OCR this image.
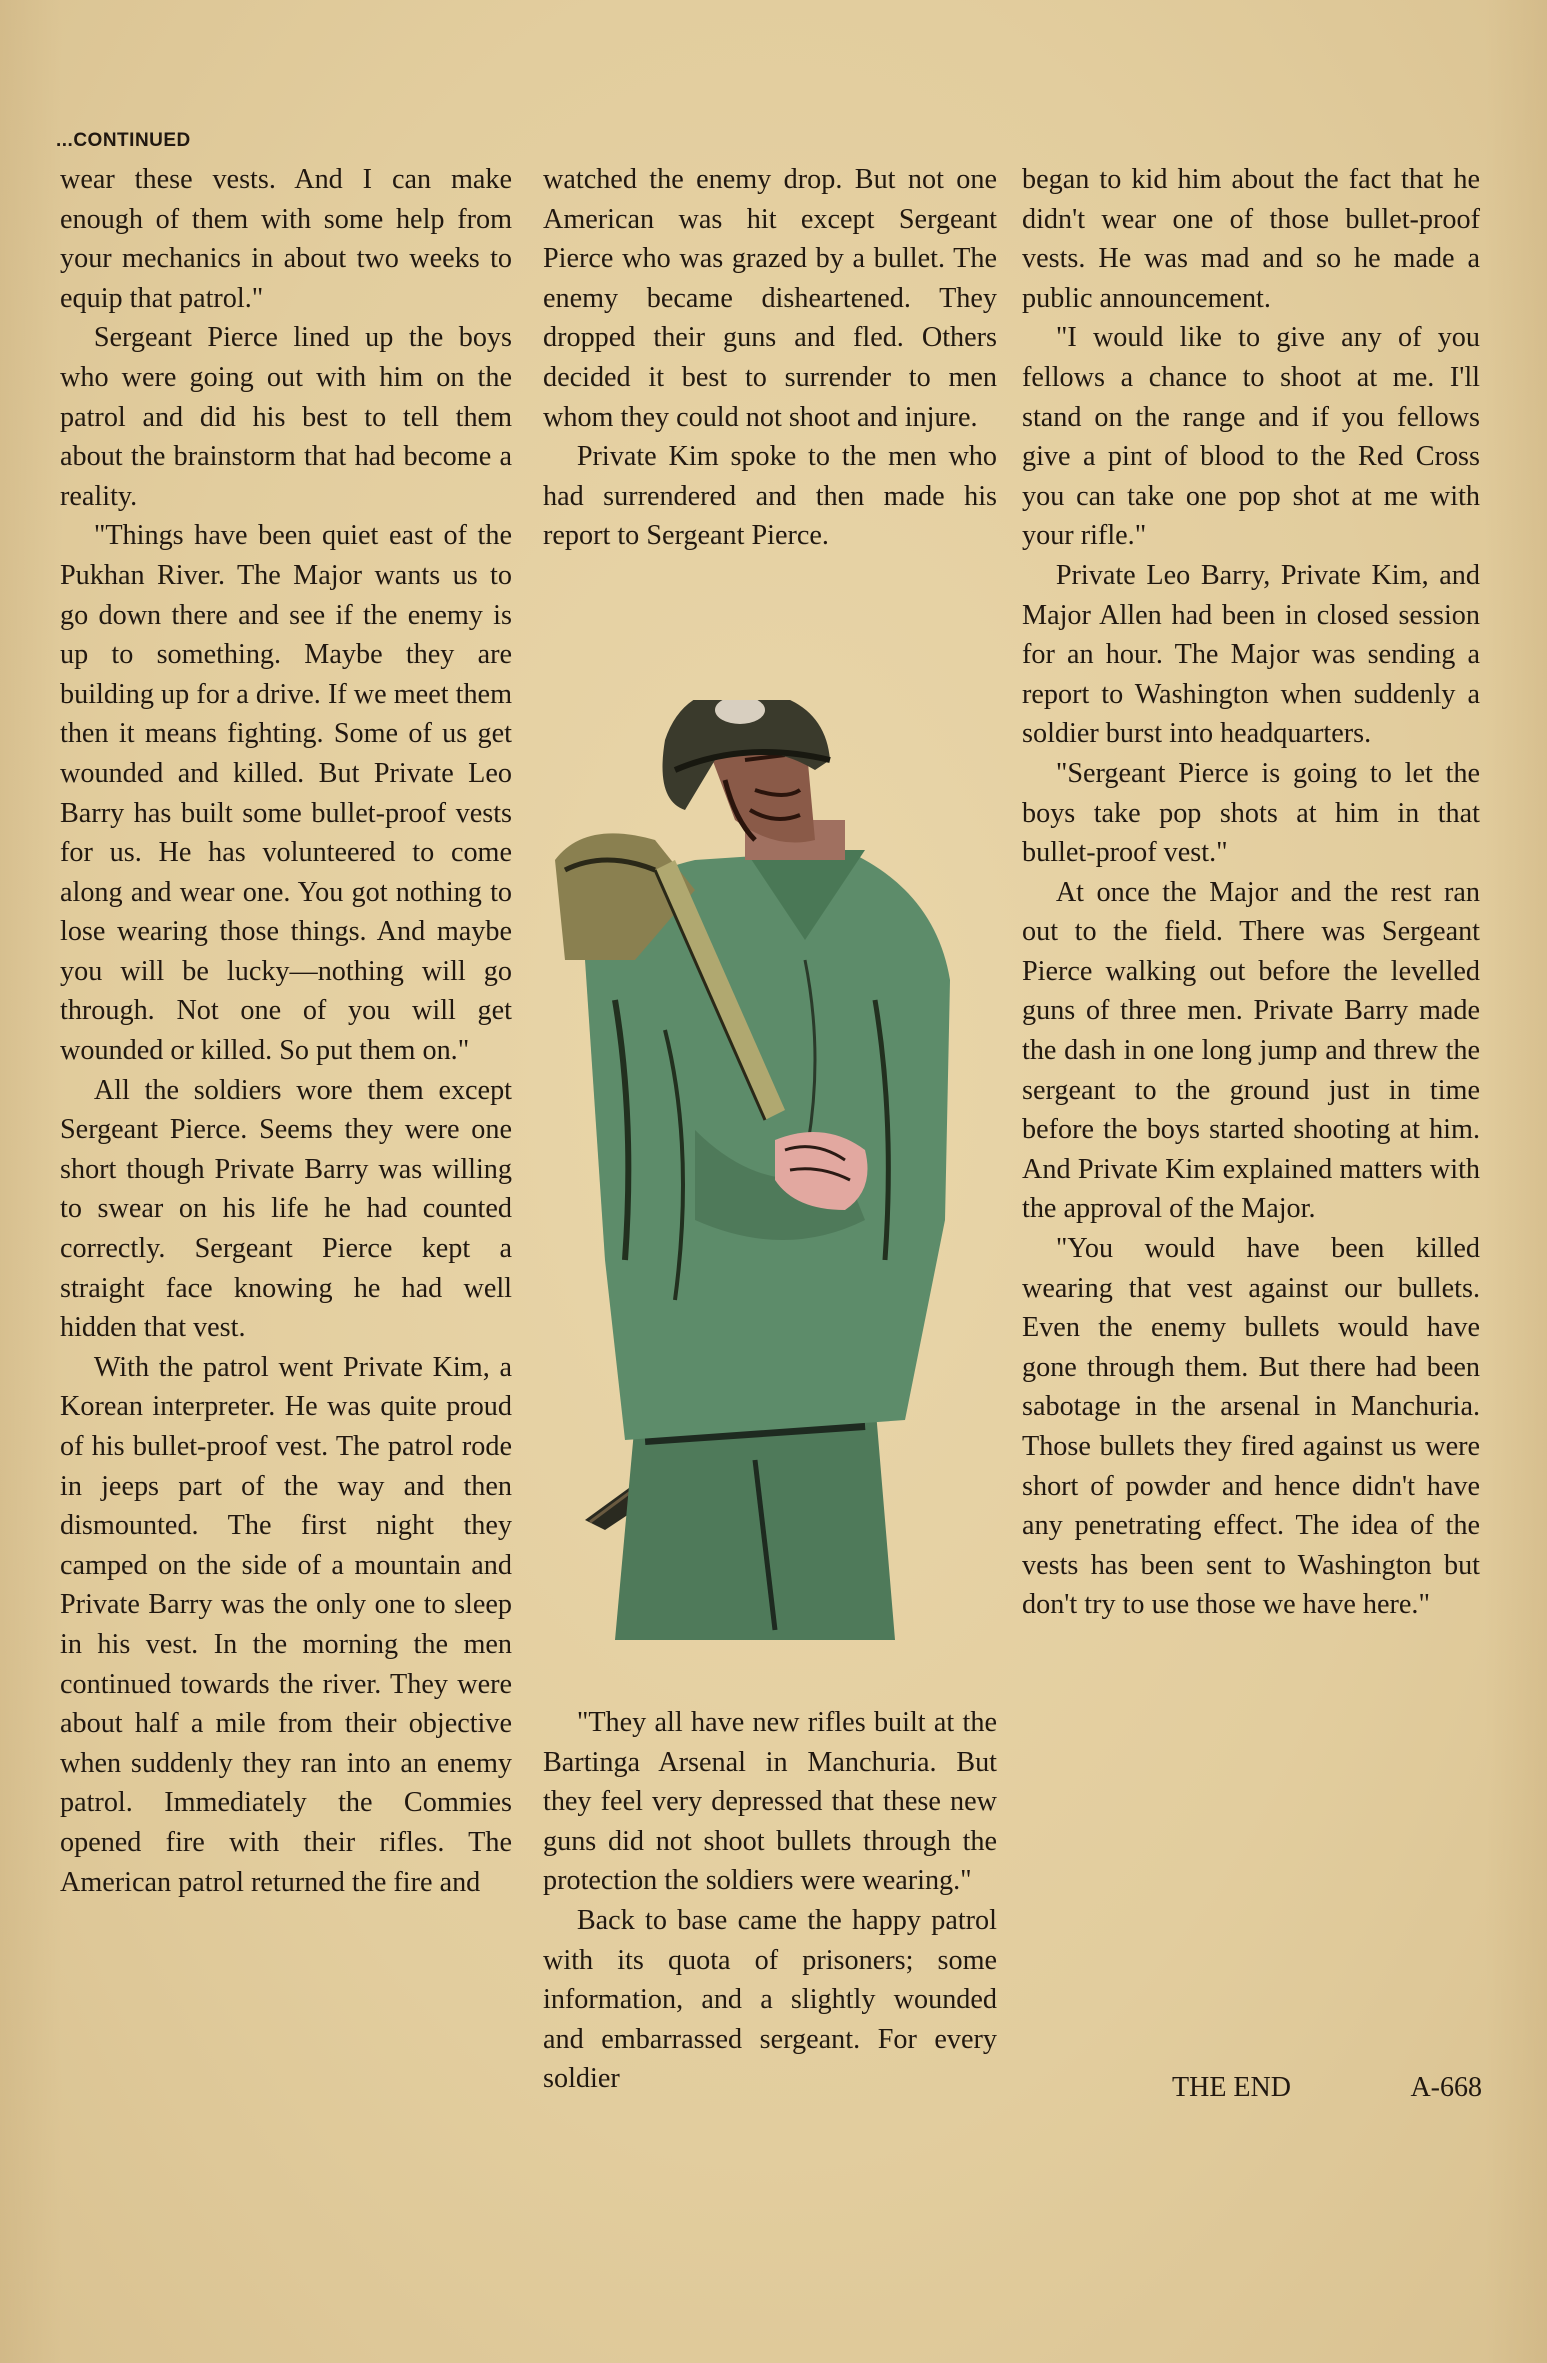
...CONTINUED

wear these vests. And I can make enough of them with some help from your mechanics in about two weeks to equip that patrol."

Sergeant Pierce lined up the boys who were going out with him on the patrol and did his best to tell them about the brainstorm that had become a reality.

"Things have been quiet east of the Pukhan River. The Major wants us to go down there and see if the enemy is up to something. Maybe they are building up for a drive. If we meet them then it means fighting. Some of us get wounded and killed. But Private Leo Barry has built some bullet-proof vests for us. He has volunteered to come along and wear one. You got nothing to lose wearing those things. And maybe you will be lucky—nothing will go through. Not one of you will get wounded or killed. So put them on."

All the soldiers wore them except Sergeant Pierce. Seems they were one short though Private Barry was willing to swear on his life he had counted correctly. Sergeant Pierce kept a straight face knowing he had well hidden that vest.

With the patrol went Private Kim, a Korean interpreter. He was quite proud of his bullet-proof vest. The patrol rode in jeeps part of the way and then dismounted. The first night they camped on the side of a mountain and Private Barry was the only one to sleep in his vest. In the morning the men continued towards the river. They were about half a mile from their objective when suddenly they ran into an enemy patrol. Immediately the Commies opened fire with their rifles. The American patrol returned the fire and

watched the enemy drop. But not one American was hit except Sergeant Pierce who was grazed by a bullet. The enemy became disheartened. They dropped their guns and fled. Others decided it best to surrender to men whom they could not shoot and injure.

Private Kim spoke to the men who had surrendered and then made his report to Sergeant Pierce.

"They all have new rifles built at the Bartinga Arsenal in Manchuria. But they feel very depressed that these new guns did not shoot bullets through the protection the soldiers were wearing."

Back to base came the happy patrol with its quota of prisoners; some information, and a slightly wounded and embarrassed sergeant. For every soldier

began to kid him about the fact that he didn't wear one of those bullet-proof vests. He was mad and so he made a public announcement.

"I would like to give any of you fellows a chance to shoot at me. I'll stand on the range and if you fellows give a pint of blood to the Red Cross you can take one pop shot at me with your rifle."

Private Leo Barry, Private Kim, and Major Allen had been in closed session for an hour. The Major was sending a report to Washington when suddenly a soldier burst into headquarters.

"Sergeant Pierce is going to let the boys take pop shots at him in that bullet-proof vest."

At once the Major and the rest ran out to the field. There was Sergeant Pierce walking out before the levelled guns of three men. Private Barry made the dash in one long jump and threw the sergeant to the ground just in time before the boys started shooting at him. And Private Kim explained matters with the approval of the Major.

"You would have been killed wearing that vest against our bullets. Even the enemy bullets would have gone through them. But there had been sabotage in the arsenal in Manchuria. Those bullets they fired against us were short of powder and hence didn't have any penetrating effect. The idea of the vests has been sent to Washington but don't try to use those we have here."

THE END	A-668
